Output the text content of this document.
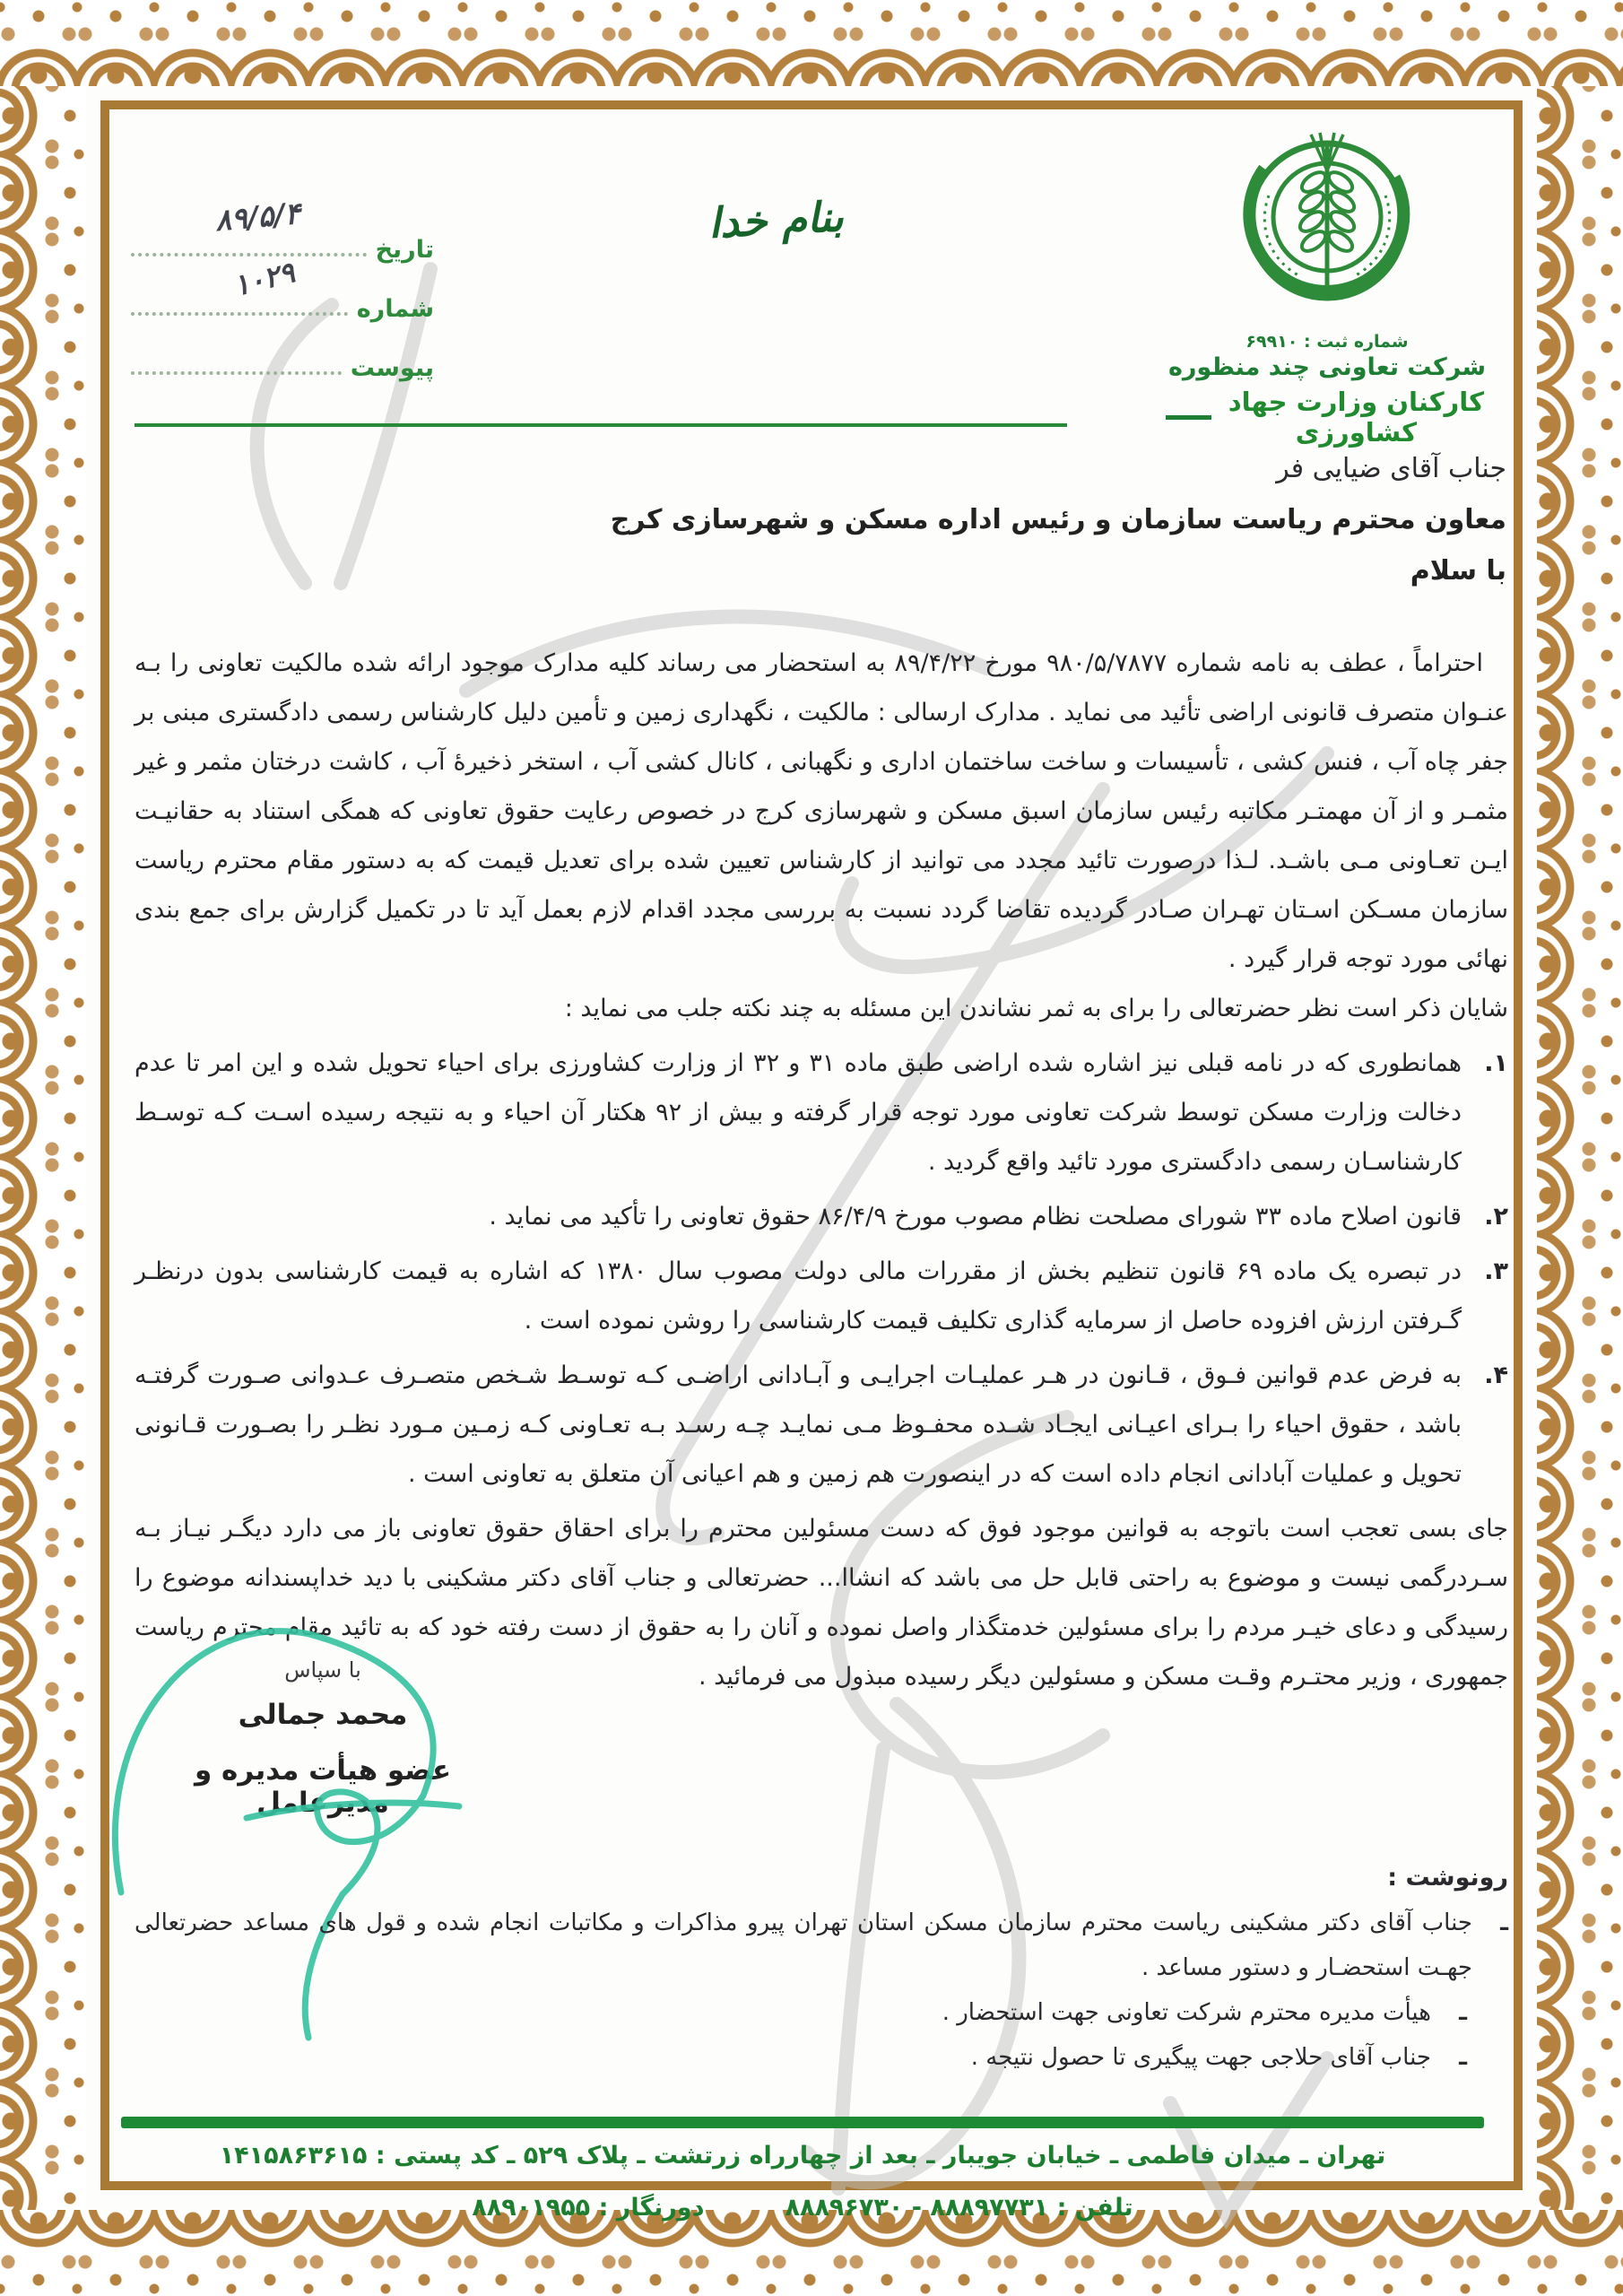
تاریخ
شماره
پیوست
۸۹/۵/۴
۱۰۲۹
بنام خدا
شماره ثبت : ۶۹۹۱۰
شرکت تعاونی چند منظوره
کارکنان وزارت جهاد کشاورزی
جناب آقای ضیایی فر
معاون محترم ریاست سازمان و رئیس اداره مسکن و شهرسازی کرج
با سلام

احتراماً ، عطف به نامه شماره ۹۸۰/۵/۷۸۷۷ مورخ ۸۹/۴/۲۲ به استحضار می رساند کلیه مدارک موجود ارائه شده مالکیت تعاونی را بـه عنـوان متصرف قانونی اراضی تأئید می نماید . مدارک ارسالی : مالکیت ، نگهداری زمین و تأمین دلیل کارشناس رسمی دادگستری مبنی بر جفر چاه آب ، فنس کشی ، تأسیسات و ساخت ساختمان اداری و نگهبانی ، کانال کشی آب ، استخر ذخیرهٔ آب ، کاشت درختان مثمر و غیر مثمـر و از آن مهمتـر مکاتبه رئیس سازمان اسبق مسکن و شهرسازی کرج در خصوص رعایت حقوق تعاونی که همگی استناد به حقانیـت ایـن تعـاونی مـی باشـد. لـذا درصورت تائید مجدد می توانید از کارشناس تعیین شده برای تعدیل قیمت که به دستور مقام محترم ریاست سازمان مسـکن اسـتان تهـران صـادر گردیده تقاضا گردد نسبت به بررسی مجدد اقدام لازم بعمل آید تا در تکمیل گزارش برای جمع بندی نهائی مورد توجه قرار گیرد .

شایان ذکر است نظر حضرتعالی را برای به ثمر نشاندن این مسئله به چند نکته جلب می نماید :

۱.
همانطوری که در نامه قبلی نیز اشاره شده اراضی طبق ماده ۳۱ و ۳۲ از وزارت کشاورزی برای احیاء تحویل شده و این امر تا عدم دخالت وزارت مسکن توسط شرکت تعاونی مورد توجه قرار گرفته و بیش از ۹۲ هکتار آن احیاء و به نتیجه رسیده اسـت کـه توسـط کارشناسـان رسمی دادگستری مورد تائید واقع گردید .
۲.
قانون اصلاح ماده ۳۳ شورای مصلحت نظام مصوب مورخ ۸۶/۴/۹ حقوق تعاونی را تأکید می نماید .
۳.
در تبصره یک ماده ۶۹ قانون تنظیم بخش از مقررات مالی دولت مصوب سال ۱۳۸۰ که اشاره به قیمت کارشناسی بدون درنظـر گـرفتن ارزش افزوده حاصل از سرمایه گذاری تکلیف قیمت کارشناسی را روشن نموده است .
۴.
به فرض عدم قوانین فـوق ، قـانون در هـر عملیـات اجرایـی و آبـادانی اراضـی کـه توسـط شـخص متصـرف عـدوانی صـورت گرفتـه باشد ، حقوق احیاء را بـرای اعیـانی ایجـاد شـده محفـوظ مـی نمایـد چـه رسـد بـه تعـاونی کـه زمـین مـورد نظـر را بصـورت قـانونی تحویل و عملیات آبادانی انجام داده است که در اینصورت هم زمین و هم اعیانی آن متعلق به تعاونی است .

جای بسی تعجب است باتوجه به قوانین موجود فوق که دست مسئولین محترم را برای احقاق حقوق تعاونی باز می دارد دیگـر نیـاز بـه سـردرگمی نیست و موضوع به راحتی قابل حل می باشد که انشاا... حضرتعالی و جناب آقای دکتر مشکینی با دید خداپسندانه موضوع را رسیدگی و دعای خیـر مردم را برای مسئولین خدمتگذار واصل نموده و آنان را به حقوق از دست رفته خود که به تائید مقام محترم ریاست جمهوری ، وزیر محتـرم وقـت مسکن و مسئولین دیگر رسیده مبذول می فرمائید .

با سپاس
محمد جمالی
عضو هیأت مدیره و مدیرعامل
رونوشت :
ـ
جناب آقای دکتر مشکینی ریاست محترم سازمان مسکن استان تهران پیرو مذاکرات و مکاتبات انجام شده و قول های مساعد حضرتعالی جهـت استحضـار و دستور مساعد .
ـ
هیأت مدیره محترم شرکت تعاونی جهت استحضار .
ـ
جناب آقای حلاجی جهت پیگیری تا حصول نتیجه .
تهران ـ میدان فاطمی ـ خیابان جویبار ـ بعد از چهارراه زرتشت ـ پلاک ۵۲۹ ـ کد پستی : ۱۴۱۵۸۶۳۶۱۵
تلفن : ۸۸۸۹۷۷۳۱ - ۸۸۸۹۶۷۳۰
دورنگار : ۸۸۹۰۱۹۵۵
